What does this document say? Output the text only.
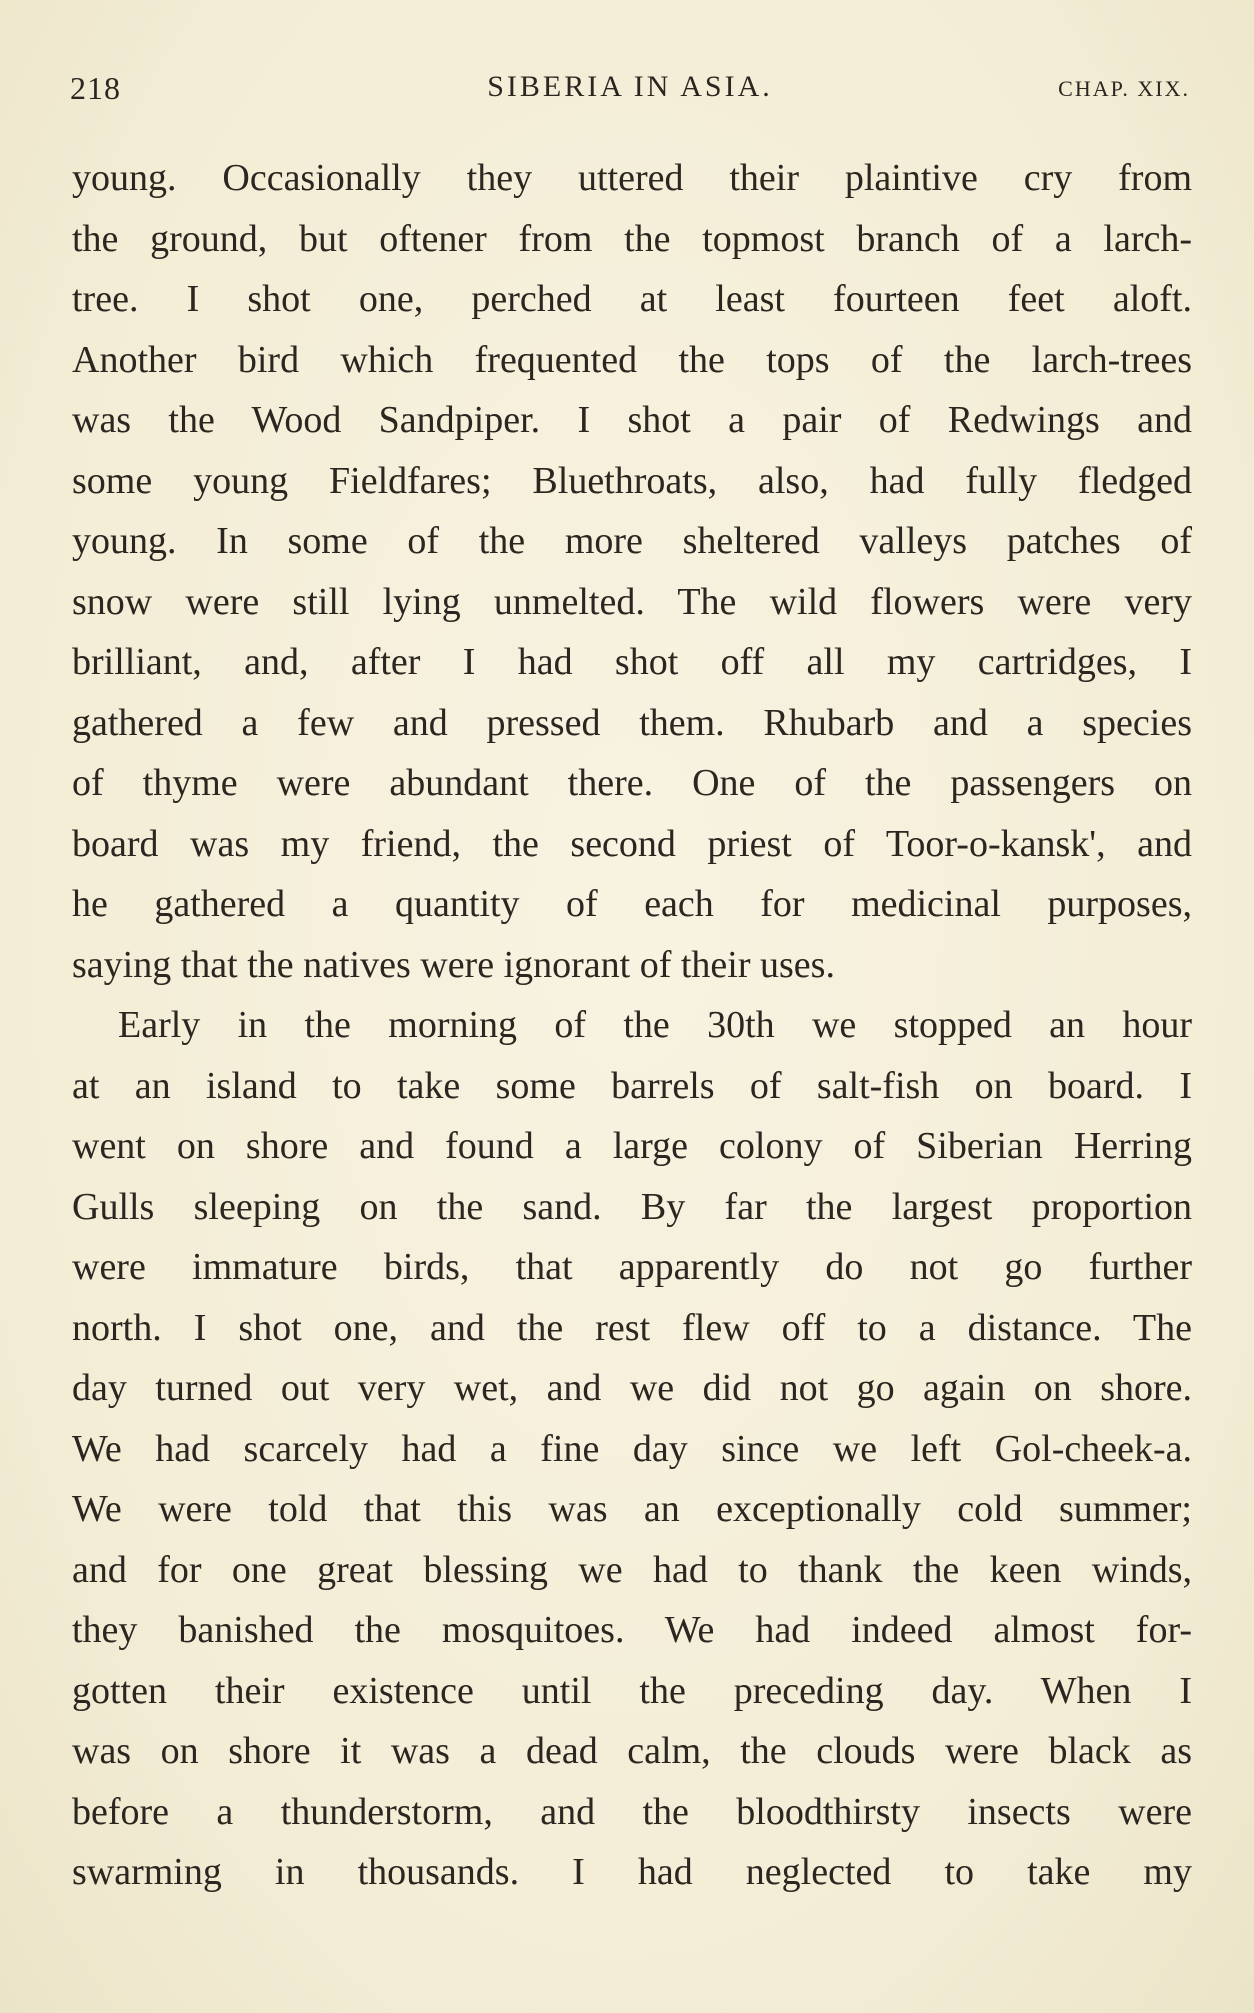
218	SIBERIA IN ASIA.	CHAP. XIX.
young. Occasionally they uttered their plaintive cry from
the ground, but oftener from the topmost branch of a larch-
tree. I shot one, perched at least fourteen feet aloft.
Another bird which frequented the tops of the larch-trees
was the Wood Sandpiper. I shot a pair of Redwings and
some young Fieldfares; Bluethroats, also, had fully fledged
young. In some of the more sheltered valleys patches of
snow were still lying unmelted. The wild flowers were very
brilliant, and, after I had shot off all my cartridges, I
gathered a few and pressed them. Rhubarb and a species
of thyme were abundant there. One of the passengers on
board was my friend, the second priest of Toor-o-kansk', and
he gathered a quantity of each for medicinal purposes,
saying that the natives were ignorant of their uses.
Early in the morning of the 30th we stopped an hour
at an island to take some barrels of salt-fish on board. I
went on shore and found a large colony of Siberian Herring
Gulls sleeping on the sand. By far the largest proportion
were immature birds, that apparently do not go further
north. I shot one, and the rest flew off to a distance. The
day turned out very wet, and we did not go again on shore.
We had scarcely had a fine day since we left Gol-cheek-a.
We were told that this was an exceptionally cold summer;
and for one great blessing we had to thank the keen winds,
they banished the mosquitoes. We had indeed almost for-
gotten their existence until the preceding day. When I
was on shore it was a dead calm, the clouds were black as
before a thunderstorm, and the bloodthirsty insects were
swarming in thousands. I had neglected to take my
